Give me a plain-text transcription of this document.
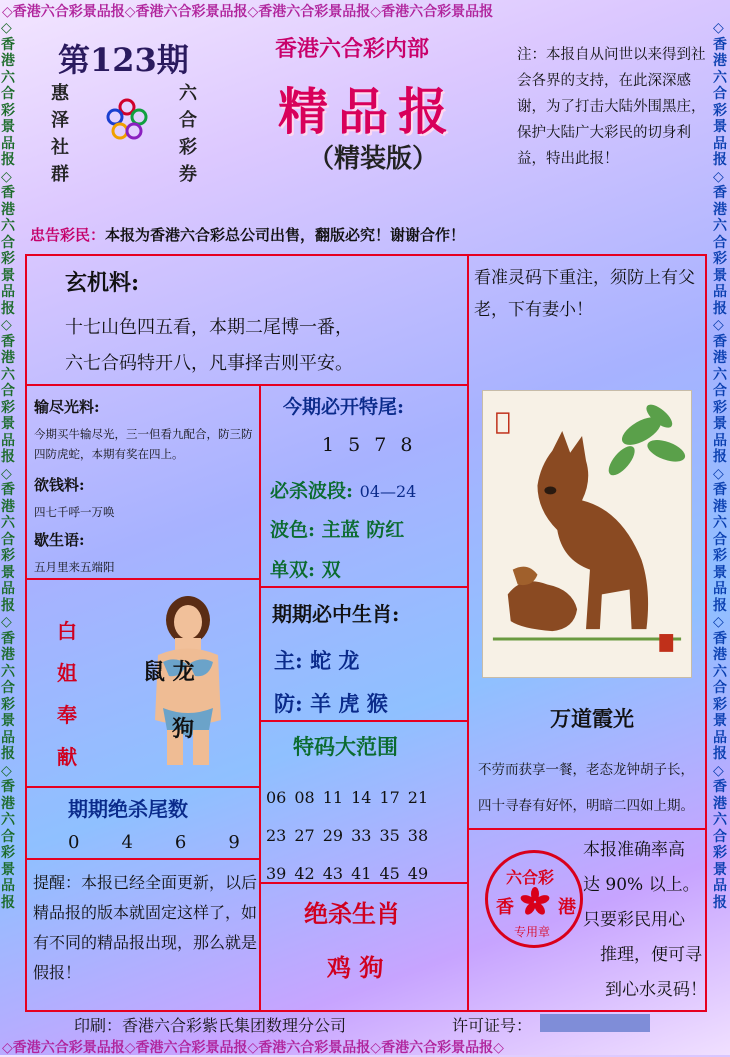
◇香港六合彩景品报◇香港六合彩景品报◇香港六合彩景品报◇香港六合彩景品报
◇香港六合彩景品报◇香港六合彩景品报◇香港六合彩景品报◇香港六合彩景品报◇
◇香港六合彩景品报◇香港六合彩景品报◇香港六合彩景品报◇香港六合彩景品报◇香港六合彩景品报◇香港六合彩景品报
◇香港六合彩景品报◇香港六合彩景品报◇香港六合彩景品报◇香港六合彩景品报◇香港六合彩景品报◇香港六合彩景品报
第123期
惠泽社群
六合彩券
香港六合彩内部
精品报
（精装版）
注：本报自从问世以来得到社会各界的支持，在此深深感谢，为了打击大陆外围黑庄，保护大陆广大彩民的切身利益，特出此报！
忠告彩民：本报为香港六合彩总公司出售，翻版必究！谢谢合作！
玄机料:
十七山色四五看，本期二尾博一番，
六七合码特开八，凡事择吉则平安。
看准灵码下重注，须防上有父老，下有妻小！
输尽光料:
今期买牛输尽光，三一但看九配合，防三防四防虎蛇，本期有奖在四上。
欲钱料:
四七千呼一万唤
歇生语:
五月里来五端阳
今期必开特尾:
1 5 7 8
必杀波段: 04—24
波色: 主蓝 防红
单双: 双
期期必中生肖:
主: 蛇 龙
防: 羊 虎 猴
白姐奉献
鼠 龙
狗
特码大范围
06	08	11	14	17	21
23	27	29	33	35	38
39	42	43	41	45	49
期期绝杀尾数
0 4 6 9
提醒：本报已经全面更新，以后精品报的版本就固定这样了，如有不同的精品报出现，那么就是假报！
绝杀生肖
鸡 狗
万道霞光
不劳而获享一餐，老态龙钟胡子长，
四十寻春有好怀，明暗二四如上期。
本报准确率高
达 90% 以上。
只要彩民用心
推理，便可寻
到心水灵码！
六合彩
香 港
专用章
印刷：香港六合彩紫氏集团数理分公司	许可证号：
